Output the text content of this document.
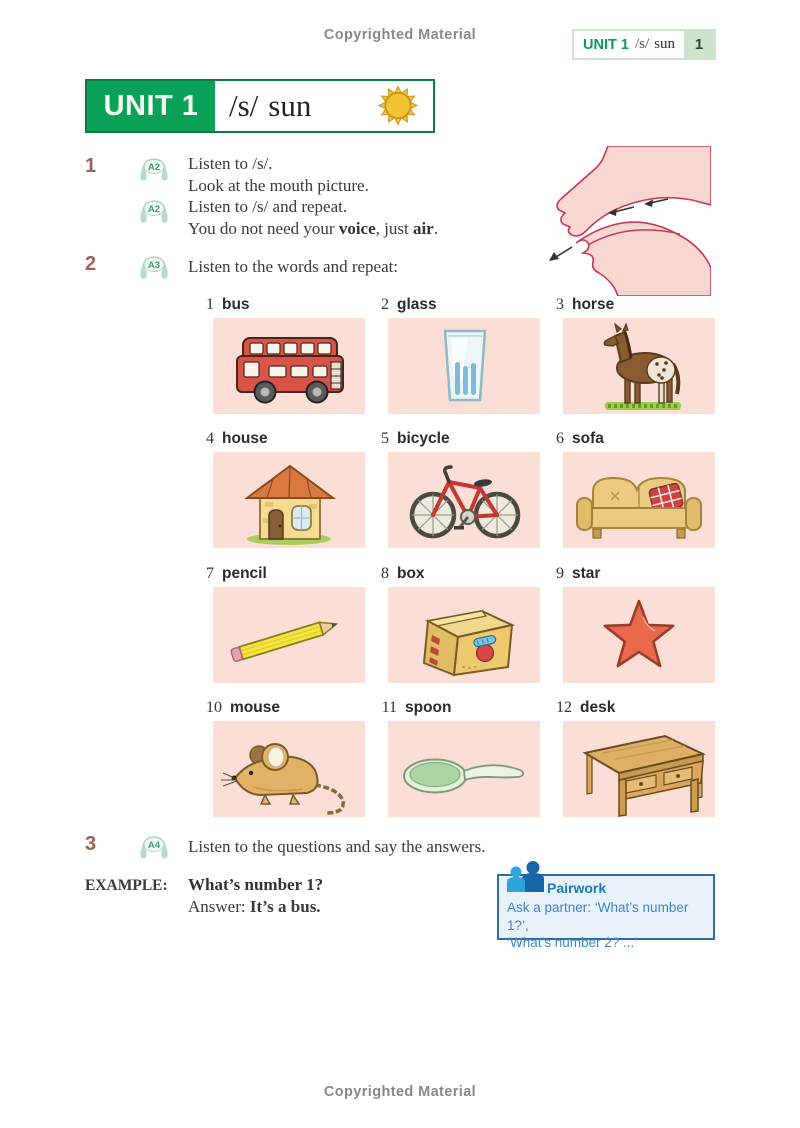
Copyrighted Material
UNIT 1 /s/ sun	1
UNIT 1 /s/ sun
1	A2
A2
Listen to /s/.
Look at the mouth picture.
Listen to /s/ and repeat.
You do not need your voice, just air.
2	A3 Listen to the words and repeat:
1 bus	2 glass	3 horse
4 house	5 bicycle	6 sofa
7 pencil	8 box	9 star
10 mouse	11 spoon	12 desk
3	A4 Listen to the questions and say the answers.
EXAMPLE: What’s number 1?
Answer: It’s a bus.
Pairwork
Ask a partner: ‘What’s number 1?’,
‘What’s number 2? ...’
Copyrighted Material
